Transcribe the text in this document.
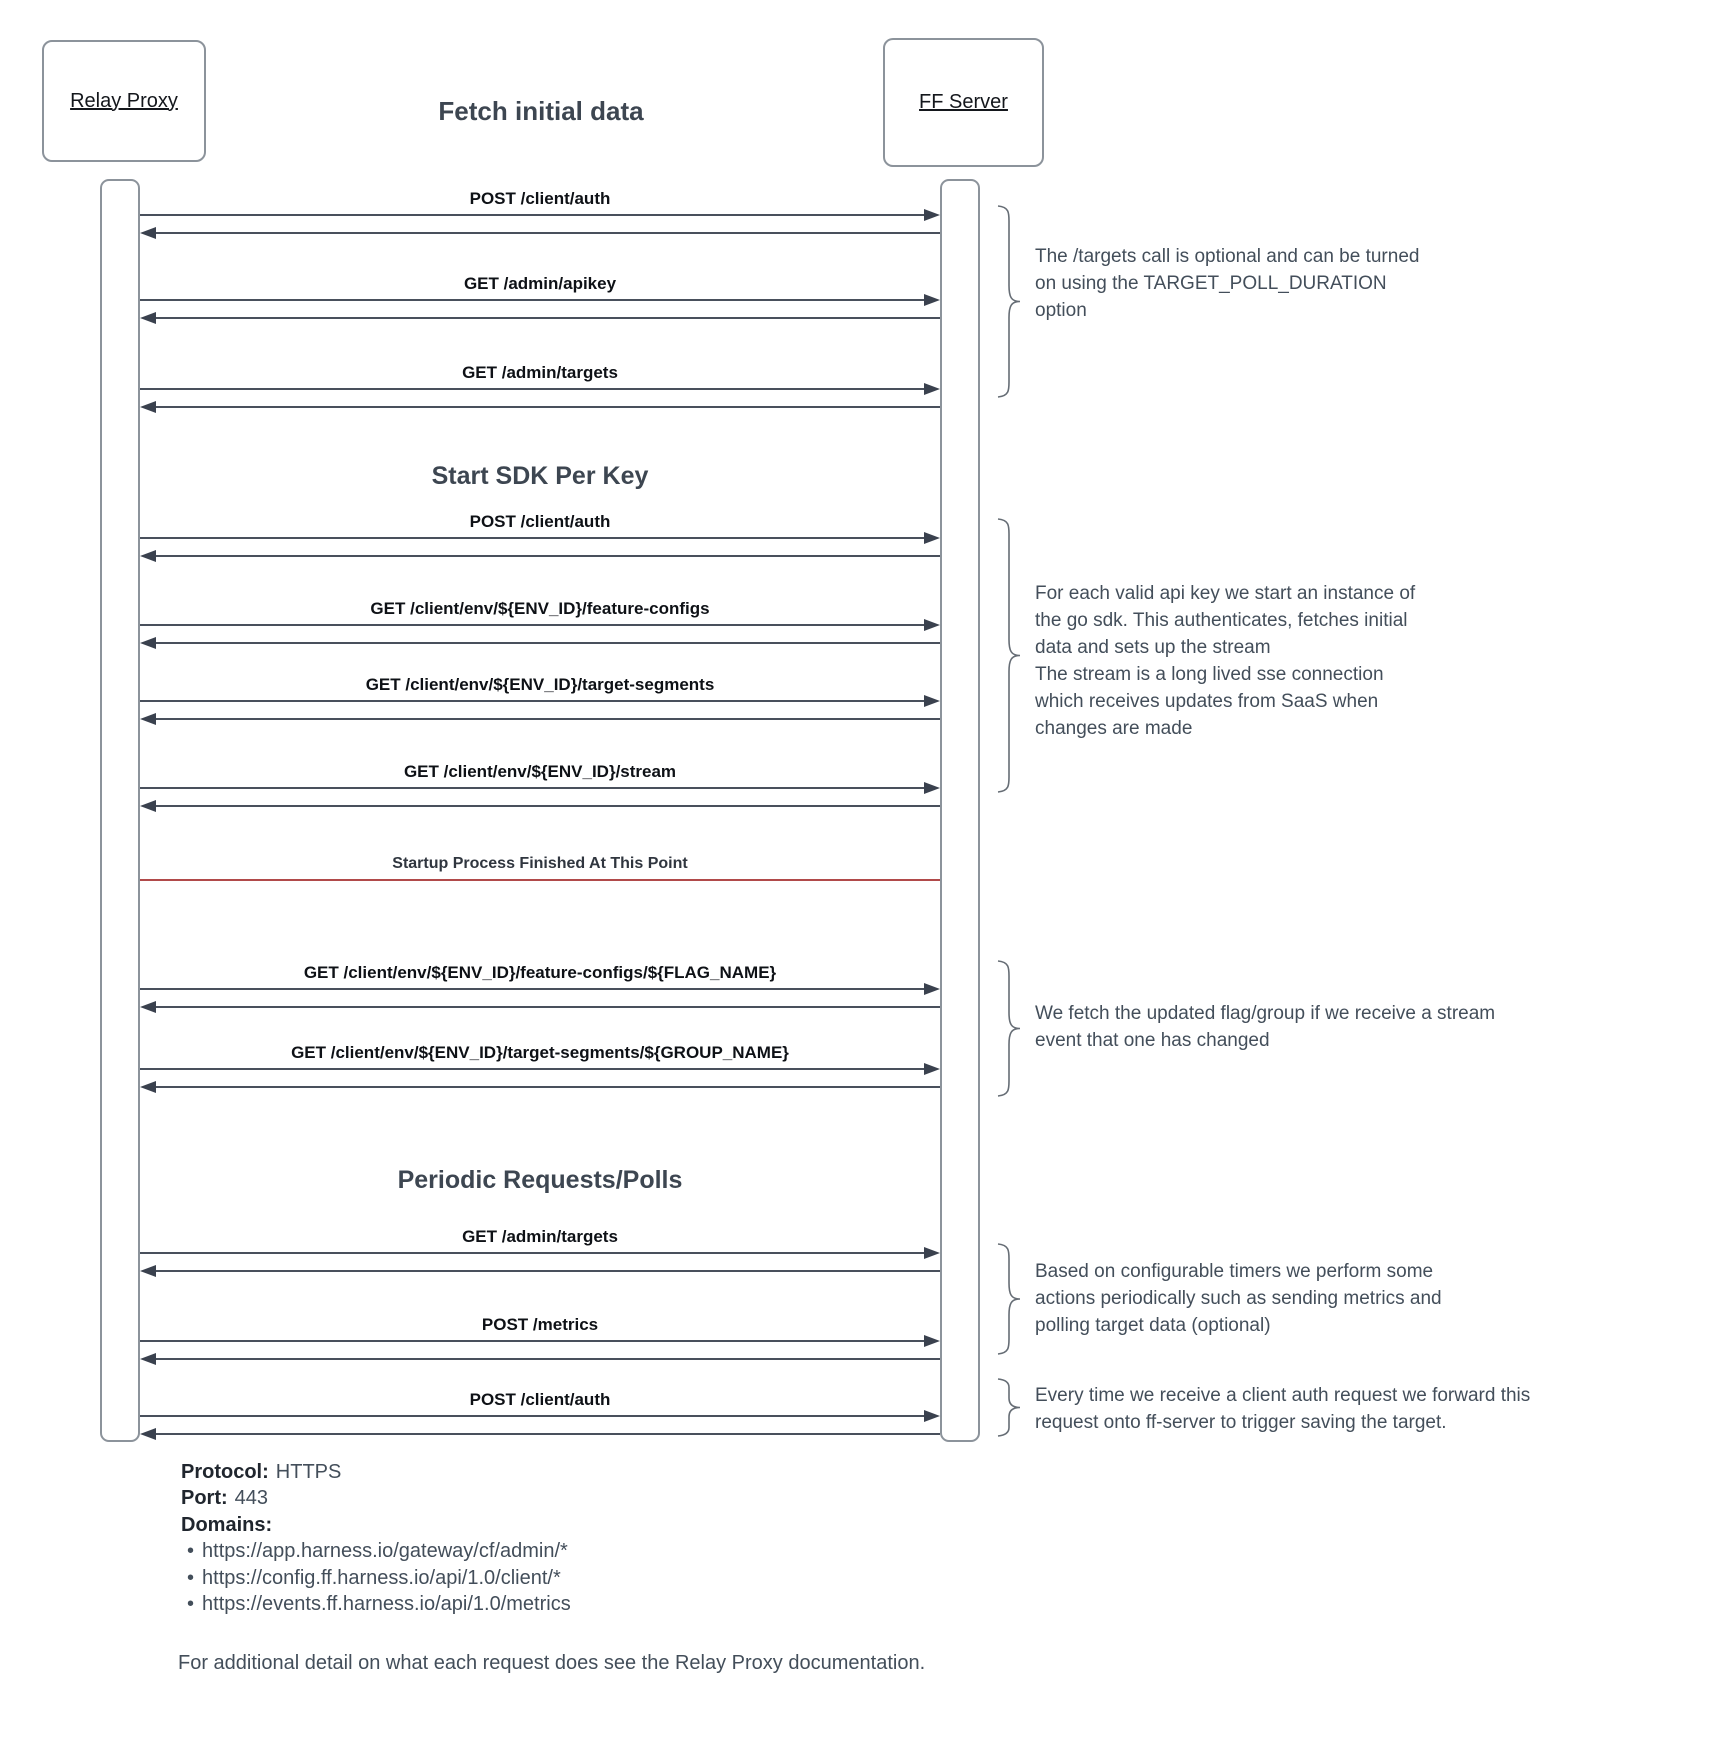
Relay Proxy	FF Server
Fetch initial data
POST /client/auth
GET /admin/apikey
GET /admin/targets
POST /client/auth
GET /client/env/${ENV_ID}/feature-configs
GET /client/env/${ENV_ID}/target-segments
GET /client/env/${ENV_ID}/stream
GET /client/env/${ENV_ID}/feature-configs/${FLAG_NAME}
GET /client/env/${ENV_ID}/target-segments/${GROUP_NAME}
GET /admin/targets
POST /metrics
POST /client/auth
Start SDK Per Key
Periodic Requests/Polls
Startup Process Finished At This Point
The /targets call is optional and can be turned
on using the TARGET_POLL_DURATION
option
For each valid api key we start an instance of
the go sdk. This authenticates, fetches initial
data and sets up the stream
The stream is a long lived sse connection
which receives updates from SaaS when
changes are made
We fetch the updated flag/group if we receive a stream
event that one has changed
Based on configurable timers we perform some
actions periodically such as sending metrics and
polling target data (optional)
Every time we receive a client auth request we forward this
request onto ff-server to trigger saving the target.
Protocol: HTTPS
Port: 443
Domains:
• https://app.harness.io/gateway/cf/admin/*
• https://config.ff.harness.io/api/1.0/client/*
• https://events.ff.harness.io/api/1.0/metrics
For additional detail on what each request does see the Relay Proxy documentation.
